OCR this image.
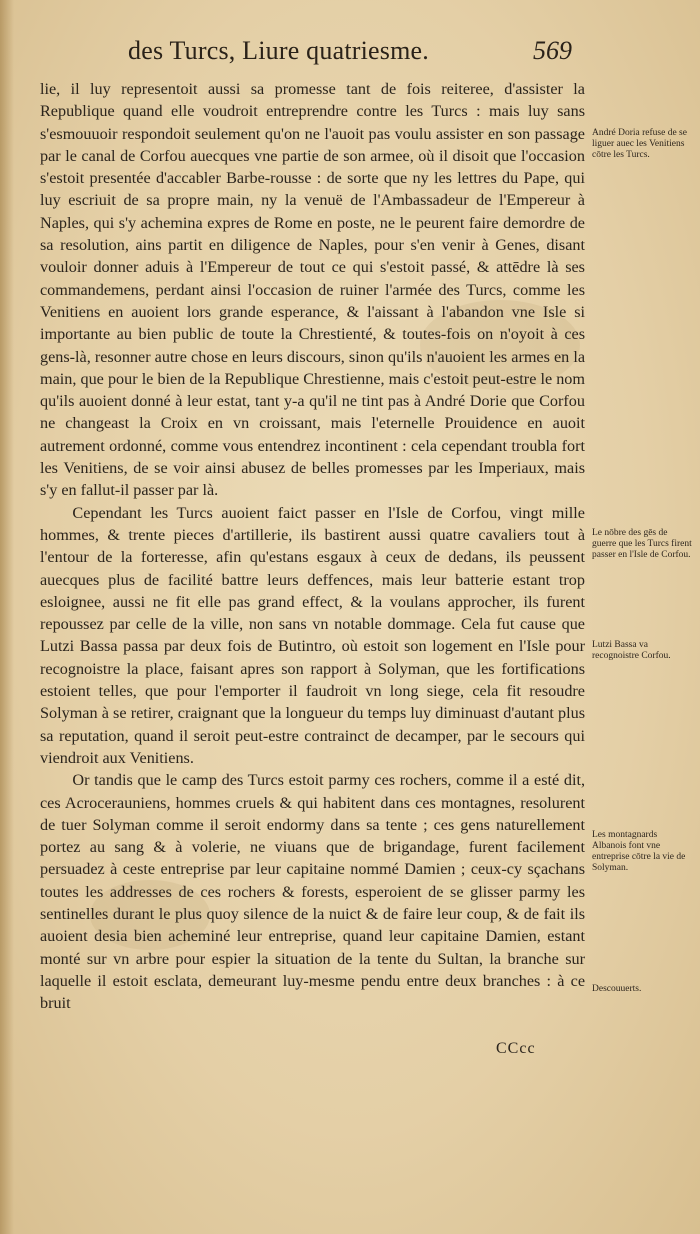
des Turcs, Liure quatriesme.	569

lie, il luy representoit aussi sa promesse tant de fois reiteree, d'assister la Republique quand elle voudroit entreprendre contre les Turcs : mais luy sans s'esmouuoir respondoit seulement qu'on ne l'auoit pas voulu assister en son passage par le canal de Corfou auecques vne partie de son armee, où il disoit que l'occasion s'estoit presentée d'accabler Barbe-rousse : de sorte que ny les lettres du Pape, qui luy escriuit de sa propre main, ny la venuë de l'Ambassadeur de l'Empereur à Naples, qui s'y achemina expres de Rome en poste, ne le peurent faire demordre de sa resolution, ains partit en diligence de Naples, pour s'en venir à Genes, disant vouloir donner aduis à l'Empereur de tout ce qui s'estoit passé, & attēdre là ses commandemens, perdant ainsi l'occasion de ruiner l'armée des Turcs, comme les Venitiens en auoient lors grande esperance, & l'aissant à l'abandon vne Isle si importante au bien public de toute la Chrestienté, & toutes-fois on n'oyoit à ces gens-là, resonner autre chose en leurs discours, sinon qu'ils n'auoient les armes en la main, que pour le bien de la Republique Chrestienne, mais c'estoit peut-estre le nom qu'ils auoient donné à leur estat, tant y-a qu'il ne tint pas à André Dorie que Corfou ne changeast la Croix en vn croissant, mais l'eternelle Prouidence en auoit autrement ordonné, comme vous entendrez incontinent : cela cependant troubla fort les Venitiens, de se voir ainsi abusez de belles promesses par les Imperiaux, mais s'y en fallut-il passer par là.

Cependant les Turcs auoient faict passer en l'Isle de Corfou, vingt mille hommes, & trente pieces d'artillerie, ils bastirent aussi quatre cavaliers tout à l'entour de la forteresse, afin qu'estans esgaux à ceux de dedans, ils peussent auecques plus de facilité battre leurs deffences, mais leur batterie estant trop esloignee, aussi ne fit elle pas grand effect, & la voulans approcher, ils furent repoussez par celle de la ville, non sans vn notable dommage. Cela fut cause que Lutzi Bassa passa par deux fois de Butintro, où estoit son logement en l'Isle pour recognoistre la place, faisant apres son rapport à Solyman, que les fortifications estoient telles, que pour l'emporter il faudroit vn long siege, cela fit resoudre Solyman à se retirer, craignant que la longueur du temps luy diminuast d'autant plus sa reputation, quand il seroit peut-estre contrainct de decamper, par le secours qui viendroit aux Venitiens.

Or tandis que le camp des Turcs estoit parmy ces rochers, comme il a esté dit, ces Acrocerauniens, hommes cruels & qui habitent dans ces montagnes, resolurent de tuer Solyman comme il seroit endormy dans sa tente ; ces gens naturellement portez au sang & à volerie, ne viuans que de brigandage, furent facilement persuadez à ceste entreprise par leur capitaine nommé Damien ; ceux-cy sçachans toutes les addresses de ces rochers & forests, esperoient de se glisser parmy les sentinelles durant le plus quoy silence de la nuict & de faire leur coup, & de fait ils auoient desia bien acheminé leur entreprise, quand leur capitaine Damien, estant monté sur vn arbre pour espier la situation de la tente du Sultan, la branche sur laquelle il estoit esclata, demeurant luy-mesme pendu entre deux branches : à ce bruit

André Doria refuse de se liguer auec les Venitiens cōtre les Turcs.
Le nōbre des gēs de guerre que les Turcs firent passer en l'Isle de Corfou.
Lutzi Bassa va recognoistre Corfou.
Les montagnards Albanois font vne entreprise cōtre la vie de Solyman.
Descouuerts.
CCcc
